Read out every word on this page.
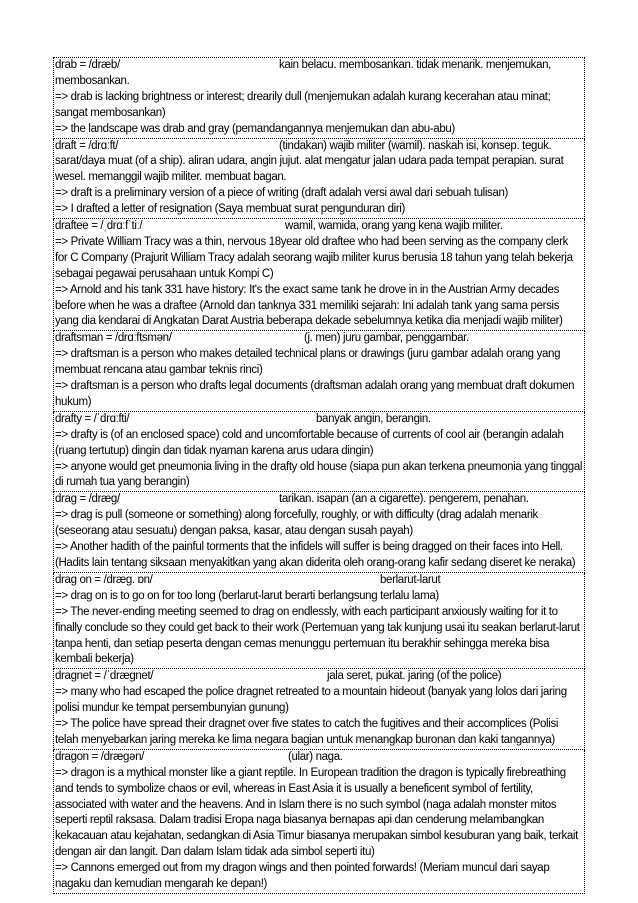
drab = /dræb/	kain belacu. membosankan. tidak menarik. menjemukan,
membosankan.
=> drab is lacking brightness or interest; drearily dull (menjemukan adalah kurang kecerahan atau minat; sangat membosankan)
=> the landscape was drab and gray (pemandangannya menjemukan dan abu-abu)
draft = /drɑːft/	(tindakan) wajib militer (wamil). naskah isi, konsep. teguk.
sarat/daya muat (of a ship). aliran udara, angin jujut. alat mengatur jalan udara pada tempat perapian. surat wesel. memanggil wajib militer. membuat bagan.
=> draft is a preliminary version of a piece of writing (draft adalah versi awal dari sebuah tulisan)
=> I drafted a letter of resignation (Saya membuat surat pengunduran diri)
draftee = /ˌdrɑːfˈtiː/	wamil, wamida, orang yang kena wajib militer.
=> Private William Tracy was a thin, nervous 18year old draftee who had been serving as the company clerk for C Company (Prajurit William Tracy adalah seorang wajib militer kurus berusia 18 tahun yang telah bekerja sebagai pegawai perusahaan untuk Kompi C)
=> Arnold and his tank 331 have history: It's the exact same tank he drove in in the Austrian Army decades before when he was a draftee (Arnold dan tanknya 331 memiliki sejarah: Ini adalah tank yang sama persis yang dia kendarai di Angkatan Darat Austria beberapa dekade sebelumnya ketika dia menjadi wajib militer)
draftsman = /drɑːftsmən/	(j. men) juru gambar, penggambar.
=> draftsman is a person who makes detailed technical plans or drawings (juru gambar adalah orang yang membuat rencana atau gambar teknis rinci)
=> draftsman is a person who drafts legal documents (draftsman adalah orang yang membuat draft dokumen hukum)
drafty = /ˈdrɑːfti/	banyak angin, berangin.
=> drafty is (of an enclosed space) cold and uncomfortable because of currents of cool air (berangin adalah (ruang tertutup) dingin dan tidak nyaman karena arus udara dingin)
=> anyone would get pneumonia living in the drafty old house (siapa pun akan terkena pneumonia yang tinggal di rumah tua yang berangin)
drag = /dræg/	tarikan. isapan (an a cigarette). pengerem, penahan.
=> drag is pull (someone or something) along forcefully, roughly, or with difficulty (drag adalah menarik (seseorang atau sesuatu) dengan paksa, kasar, atau dengan susah payah)
=> Another hadith of the painful torments that the infidels will suffer is being dragged on their faces into Hell. (Hadits lain tentang siksaan menyakitkan yang akan diderita oleh orang-orang kafir sedang diseret ke neraka)
drag on = /dræg. ɒn/	berlarut-larut
=> drag on is to go on for too long (berlarut-larut berarti berlangsung terlalu lama)
=> The never-ending meeting seemed to drag on endlessly, with each participant anxiously waiting for it to finally conclude so they could get back to their work (Pertemuan yang tak kunjung usai itu seakan berlarut-larut tanpa henti, dan setiap peserta dengan cemas menunggu pertemuan itu berakhir sehingga mereka bisa kembali bekerja)
dragnet = /ˈdrægnet/	jala seret, pukat. jaring (of the police)
=> many who had escaped the police dragnet retreated to a mountain hideout (banyak yang lolos dari jaring polisi mundur ke tempat persembunyian gunung)
=> The police have spread their dragnet over five states to catch the fugitives and their accomplices (Polisi telah menyebarkan jaring mereka ke lima negara bagian untuk menangkap buronan dan kaki tangannya)
dragon = /drægən/	(ular) naga.
=> dragon is a mythical monster like a giant reptile. In European tradition the dragon is typically firebreathing and tends to symbolize chaos or evil, whereas in East Asia it is usually a beneficent symbol of fertility, associated with water and the heavens. And in Islam there is no such symbol (naga adalah monster mitos seperti reptil raksasa. Dalam tradisi Eropa naga biasanya bernapas api dan cenderung melambangkan kekacauan atau kejahatan, sedangkan di Asia Timur biasanya merupakan simbol kesuburan yang baik, terkait dengan air dan langit. Dan dalam Islam tidak ada simbol seperti itu)
=> Cannons emerged out from my dragon wings and then pointed forwards! (Meriam muncul dari sayap nagaku dan kemudian mengarah ke depan!)
